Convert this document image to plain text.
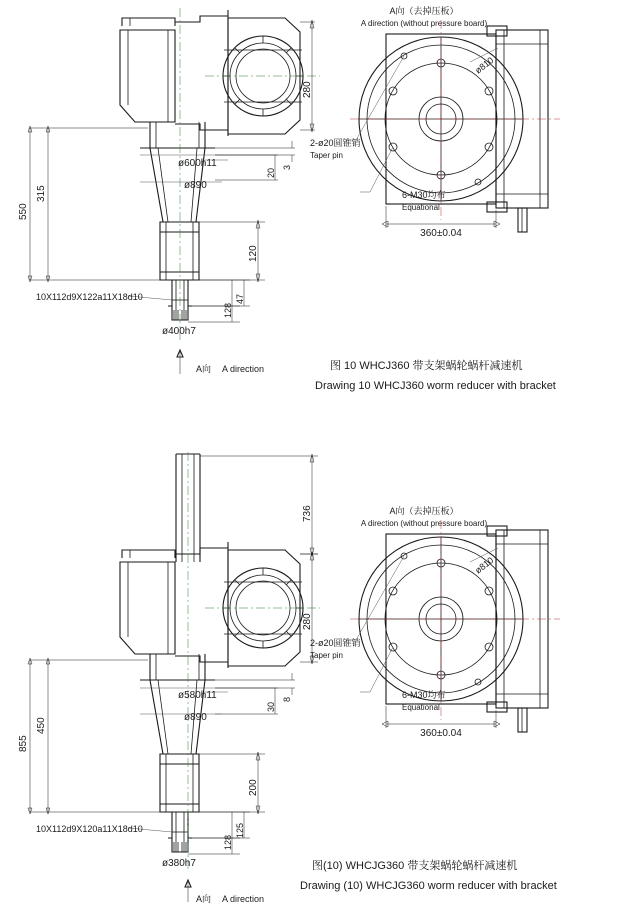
550
315
280
3
20
120
47
128
ø600h11
ø890
ø400h7
10X112d9X122a11X18d10
A向 A direction
A向（去掉压板）
A direction (without pressure board)
ø810
2-ø20圆锥销
Taper pin
6-M30均布
Equational
360±0.04
图 10 WHCJ360 带支架蜗轮蜗杆减速机
Drawing 10 WHCJ360 worm reducer with bracket
855
450
736
280
8
30
200
125
128
ø580h11
ø890
ø380h7
10X112d9X120a11X18d10
A向 A direction
A向（去掉压板）
A direction (without pressure board)
ø810
2-ø20圆锥销
Taper pin
6-M30均布
Equational
360±0.04
图(10) WHCJG360 带支架蜗轮蜗杆减速机
Drawing (10) WHCJG360 worm reducer with bracket
